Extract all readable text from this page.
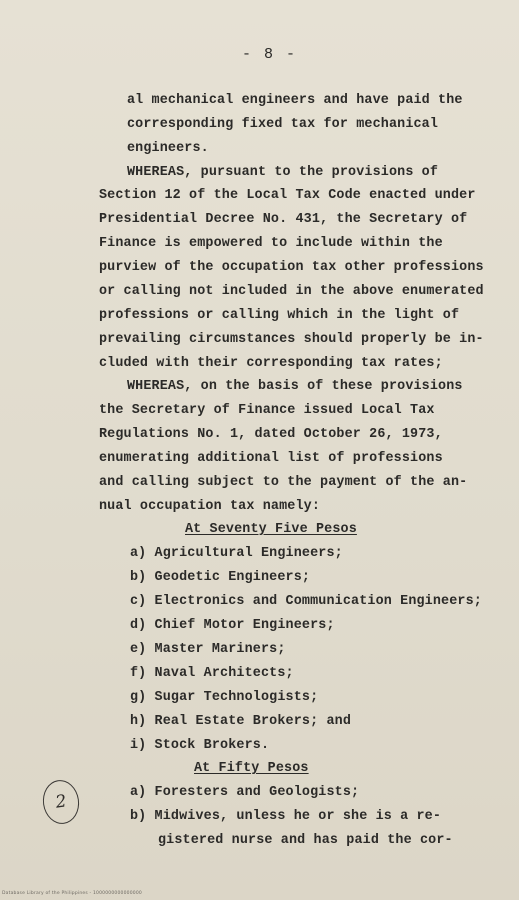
- 8 -
al mechanical engineers and have paid the
corresponding fixed tax for mechanical
engineers.
WHEREAS, pursuant to the provisions of
Section 12 of the Local Tax Code enacted under
Presidential Decree No. 431, the Secretary of
Finance is empowered to include within the
purview of the occupation tax other professions
or calling not included in the above enumerated
professions or calling which in the light of
prevailing circumstances should properly be in-
cluded with their corresponding tax rates;
WHEREAS, on the basis of these provisions
the Secretary of Finance issued Local Tax
Regulations No. 1, dated October 26, 1973,
enumerating additional list of professions
and calling subject to the payment of the an-
nual occupation tax namely:
At Seventy Five Pesos
a) Agricultural Engineers;
b) Geodetic Engineers;
c) Electronics and Communication Engineers;
d) Chief Motor Engineers;
e) Master Mariners;
f) Naval Architects;
g) Sugar Technologists;
h) Real Estate Brokers; and
i) Stock Brokers.
At Fifty Pesos
a) Foresters and Geologists;
b) Midwives, unless he or she is a re-
gistered nurse and has paid the cor-
2
Database Library of the Philippines - 1000000000000000
